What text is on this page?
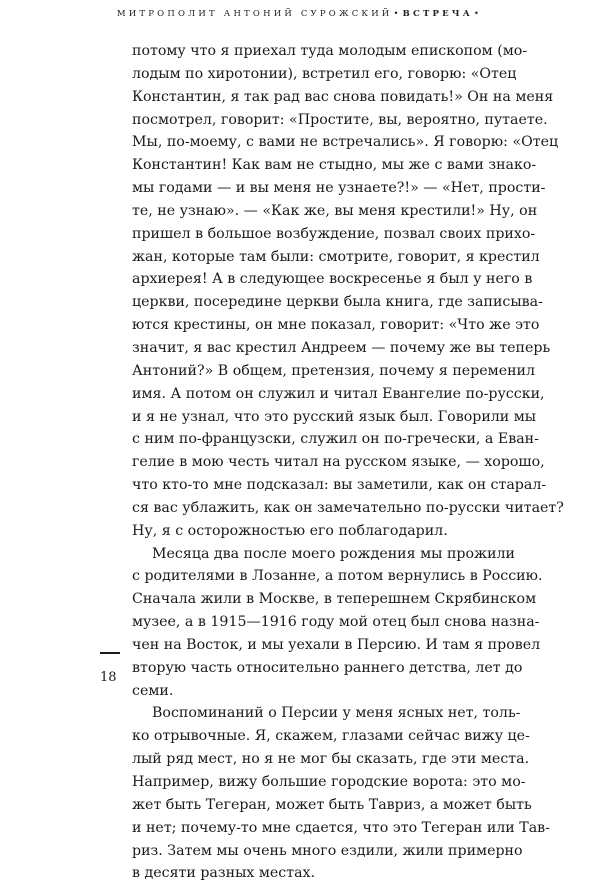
МИТРОПОЛИТ АНТОНИЙ СУРОЖСКИЙ•ВСТРЕЧА•
потому что я приехал туда молодым епископом (мо-
лодым по хиротонии), встретил его, говорю: «Отец
Константин, я так рад вас снова повидать!» Он на меня
посмотрел, говорит: «Простите, вы, вероятно, путаете.
Мы, по-моему, с вами не встречались». Я говорю: «Отец
Константин! Как вам не стыдно, мы же с вами знако-
мы годами — и вы меня не узнаете?!» — «Нет, прости-
те, не узнаю». — «Как же, вы меня крестили!» Ну, он
пришел в большое возбуждение, позвал своих прихо-
жан, которые там были: смотрите, говорит, я крестил
архиерея! А в следующее воскресенье я был у него в
церкви, посередине церкви была книга, где записыва-
ются крестины, он мне показал, говорит: «Что же это
значит, я вас крестил Андреем — почему же вы теперь
Антоний?» В общем, претензия, почему я переменил
имя. А потом он служил и читал Евангелие по-русски,
и я не узнал, что это русский язык был. Говорили мы
с ним по-французски, служил он по-гречески, а Еван-
гелие в мою честь читал на русском языке, — хорошо,
что кто-то мне подсказал: вы заметили, как он старал-
ся вас ублажить, как он замечательно по-русски читает?
Ну, я с осторожностью его поблагодарил.
Месяца два после моего рождения мы прожили
с родителями в Лозанне, а потом вернулись в Россию.
Сначала жили в Москве, в теперешнем Скрябинском
музее, а в 1915—1916 году мой отец был снова назна-
чен на Восток, и мы уехали в Персию. И там я провел
вторую часть относительно раннего детства, лет до
семи.
Воспоминаний о Персии у меня ясных нет, толь-
ко отрывочные. Я, скажем, глазами сейчас вижу це-
лый ряд мест, но я не мог бы сказать, где эти места.
Например, вижу большие городские ворота: это мо-
жет быть Тегеран, может быть Тавриз, а может быть
и нет; почему-то мне сдается, что это Тегеран или Тав-
риз. Затем мы очень много ездили, жили примерно
в десяти разных местах.
18
